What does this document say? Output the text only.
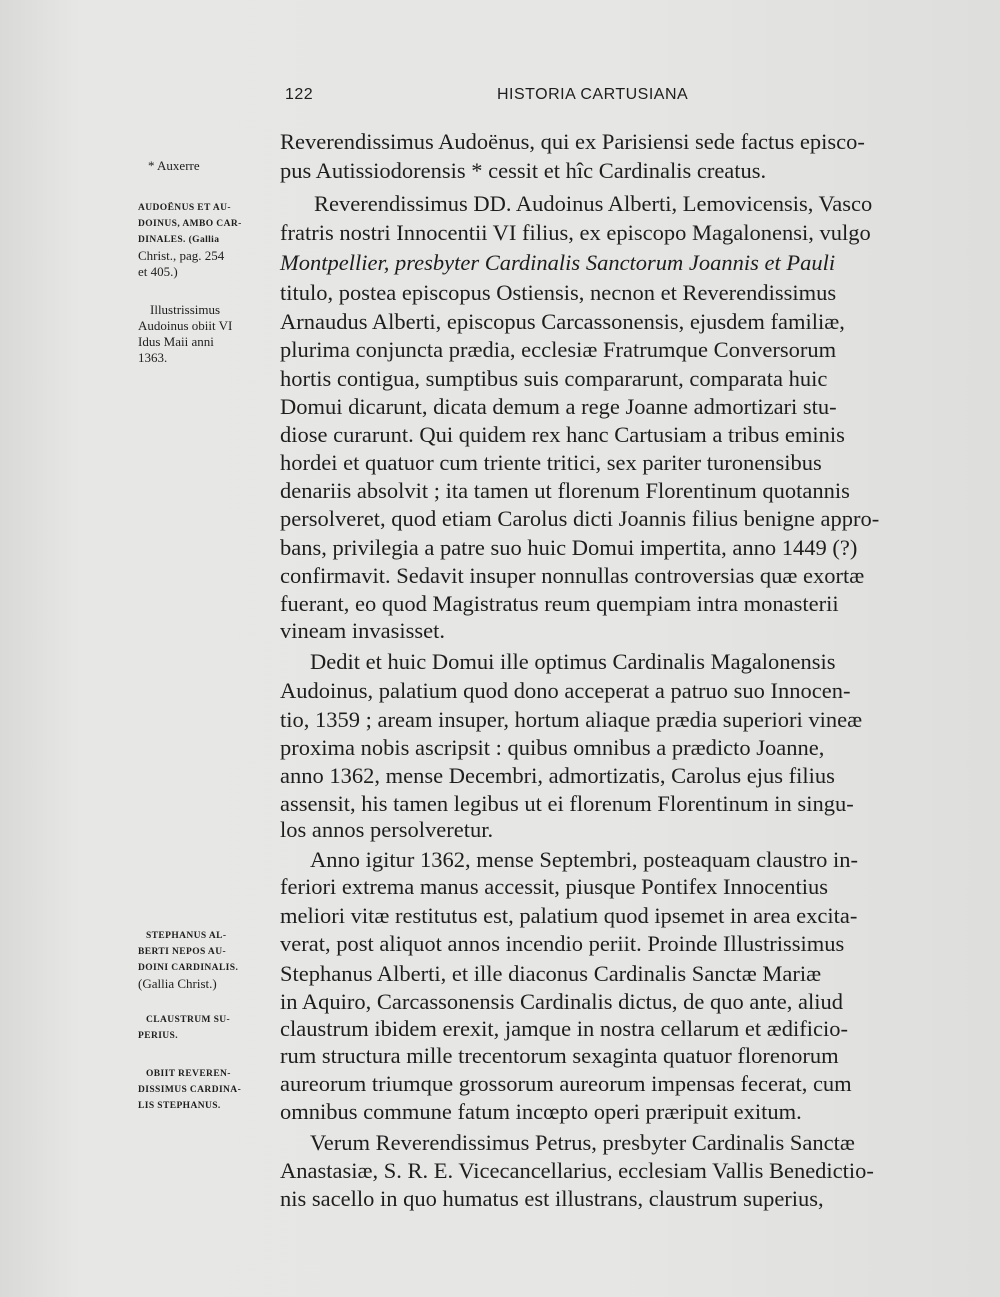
122	HISTORIA CARTUSIANA
* Auxerre
AUDOËNUS ET AU-
DOINUS, AMBO CAR-
DINALES. (Gallia
Christ., pag. 254
et 405.)
Illustrissimus
Audoinus obiit VI
Idus Maii anni
1363.
STEPHANUS AL-
BERTI NEPOS AU-
DOINI CARDINALIS.
(Gallia Christ.)
CLAUSTRUM SU-
PERIUS.
OBIIT REVEREN-
DISSIMUS CARDINA-
LIS STEPHANUS.
Reverendissimus Audoënus, qui ex Parisiensi sede factus episco-
pus Autissiodorensis * cessit et hîc Cardinalis creatus.
Reverendissimus DD. Audoinus Alberti, Lemovicensis, Vasco
fratris nostri Innocentii VI filius, ex episcopo Magalonensi, vulgo
Montpellier, presbyter Cardinalis Sanctorum Joannis et Pauli
titulo, postea episcopus Ostiensis, necnon et Reverendissimus
Arnaudus Alberti, episcopus Carcassonensis, ejusdem familiæ,
plurima conjuncta prædia, ecclesiæ Fratrumque Conversorum
hortis contigua, sumptibus suis compararunt, comparata huic
Domui dicarunt, dicata demum a rege Joanne admortizari stu-
diose curarunt. Qui quidem rex hanc Cartusiam a tribus eminis
hordei et quatuor cum triente tritici, sex pariter turonensibus
denariis absolvit ; ita tamen ut florenum Florentinum quotannis
persolveret, quod etiam Carolus dicti Joannis filius benigne appro-
bans, privilegia a patre suo huic Domui impertita, anno 1449 (?)
confirmavit. Sedavit insuper nonnullas controversias quæ exortæ
fuerant, eo quod Magistratus reum quempiam intra monasterii
vineam invasisset.
Dedit et huic Domui ille optimus Cardinalis Magalonensis
Audoinus, palatium quod dono acceperat a patruo suo Innocen-
tio, 1359 ; aream insuper, hortum aliaque prædia superiori vineæ
proxima nobis ascripsit : quibus omnibus a prædicto Joanne,
anno 1362, mense Decembri, admortizatis, Carolus ejus filius
assensit, his tamen legibus ut ei florenum Florentinum in singu-
los annos persolveretur.
Anno igitur 1362, mense Septembri, posteaquam claustro in-
feriori extrema manus accessit, piusque Pontifex Innocentius
meliori vitæ restitutus est, palatium quod ipsemet in area excita-
verat, post aliquot annos incendio periit. Proinde Illustrissimus
Stephanus Alberti, et ille diaconus Cardinalis Sanctæ Mariæ
in Aquiro, Carcassonensis Cardinalis dictus, de quo ante, aliud
claustrum ibidem erexit, jamque in nostra cellarum et ædificio-
rum structura mille trecentorum sexaginta quatuor florenorum
aureorum triumque grossorum aureorum impensas fecerat, cum
omnibus commune fatum incœpto operi præripuit exitum.
Verum Reverendissimus Petrus, presbyter Cardinalis Sanctæ
Anastasiæ, S. R. E. Vicecancellarius, ecclesiam Vallis Benedictio-
nis sacello in quo humatus est illustrans, claustrum superius,
